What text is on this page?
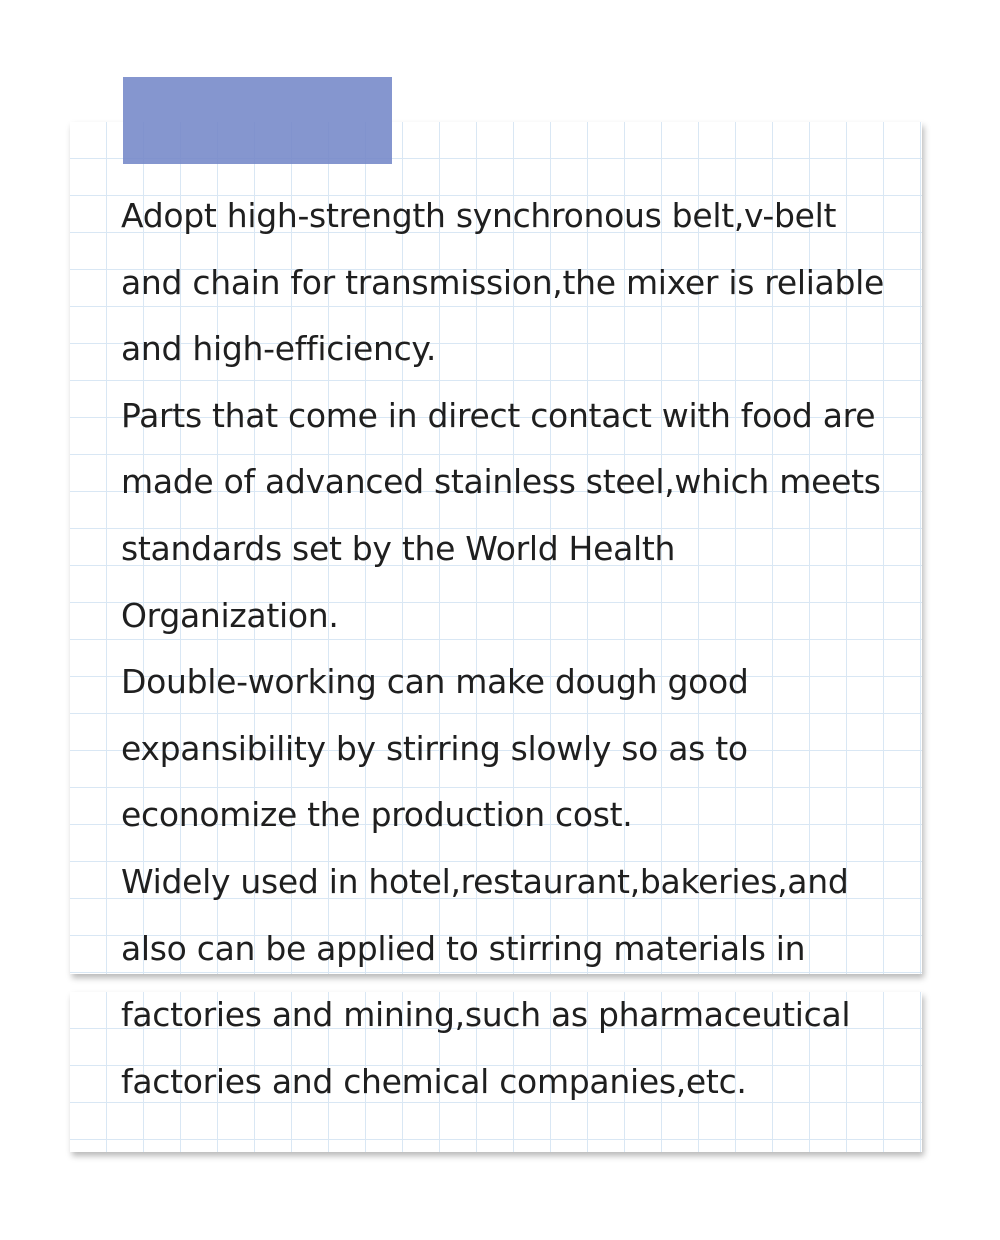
Adopt high-strength synchronous belt,v-belt
and chain for transmission,the mixer is reliable
and high-efficiency.
Parts that come in direct contact with food are
made of advanced stainless steel,which meets
standards set by the World Health
Organization.
Double-working can make dough good
expansibility by stirring slowly so as to
economize the production cost.
Widely used in hotel,restaurant,bakeries,and
also can be applied to stirring materials in
factories and mining,such as pharmaceutical
factories and chemical companies,etc.
